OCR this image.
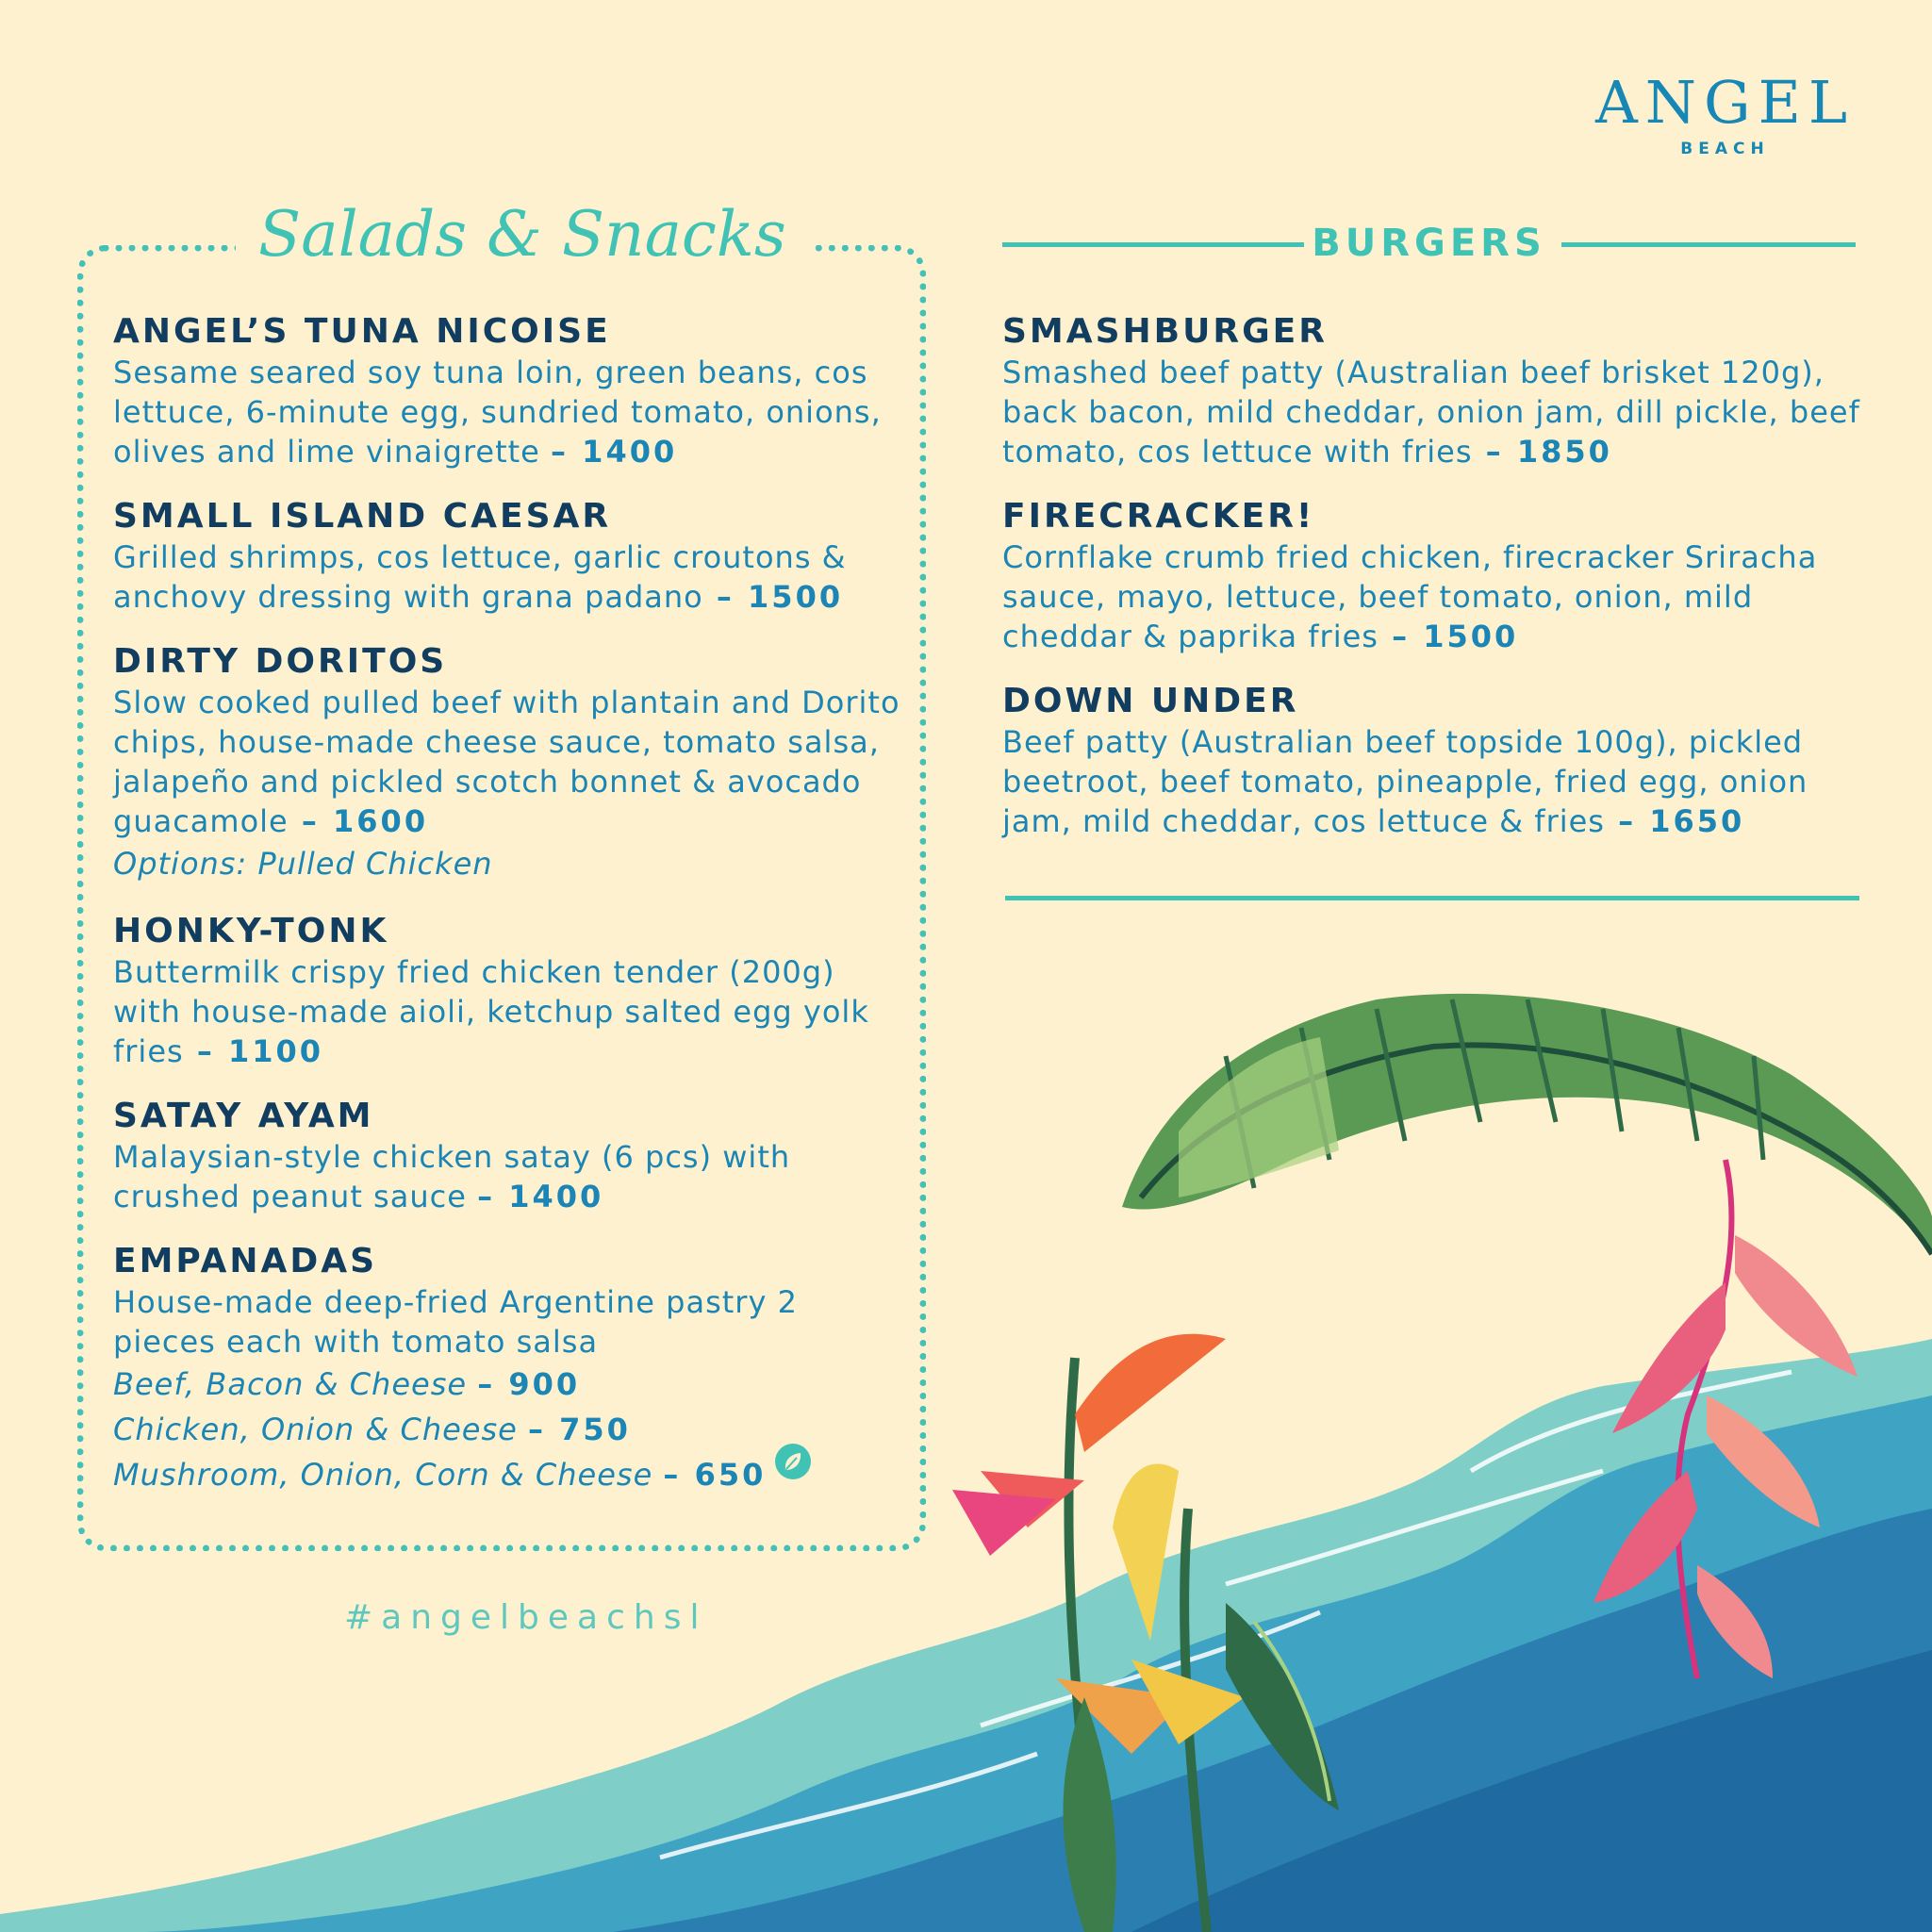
ANGEL
BEACH
Salads & Snacks
ANGEL’S TUNA NICOISE
Sesame seared soy tuna loin, green beans, cos lettuce, 6-minute egg, sundried tomato, onions, olives and lime vinaigrette – 1400
SMALL ISLAND CAESAR
Grilled shrimps, cos lettuce, garlic croutons & anchovy dressing with grana padano – 1500
DIRTY DORITOS
Slow cooked pulled beef with plantain and Dorito chips, house-made cheese sauce, tomato salsa, jalapeño and pickled scotch bonnet & avocado guacamole – 1600
Options: Pulled Chicken
HONKY-TONK
Buttermilk crispy fried chicken tender (200g) with house-made aioli, ketchup salted egg yolk fries – 1100
SATAY AYAM
Malaysian-style chicken satay (6 pcs) with crushed peanut sauce – 1400
EMPANADAS
House-made deep-fried Argentine pastry 2 pieces each with tomato salsa
Beef, Bacon & Cheese – 900
Chicken, Onion & Cheese – 750
Mushroom, Onion, Corn & Cheese – 650
#angelbeachsl
BURGERS
SMASHBURGER
Smashed beef patty (Australian beef brisket 120g), back bacon, mild cheddar, onion jam, dill pickle, beef tomato, cos lettuce with fries – 1850
FIRECRACKER!
Cornflake crumb fried chicken, firecracker Sriracha sauce, mayo, lettuce, beef tomato, onion, mild cheddar & paprika fries – 1500
DOWN UNDER
Beef patty (Australian beef topside 100g), pickled beetroot, beef tomato, pineapple, fried egg, onion jam, mild cheddar, cos lettuce & fries – 1650
